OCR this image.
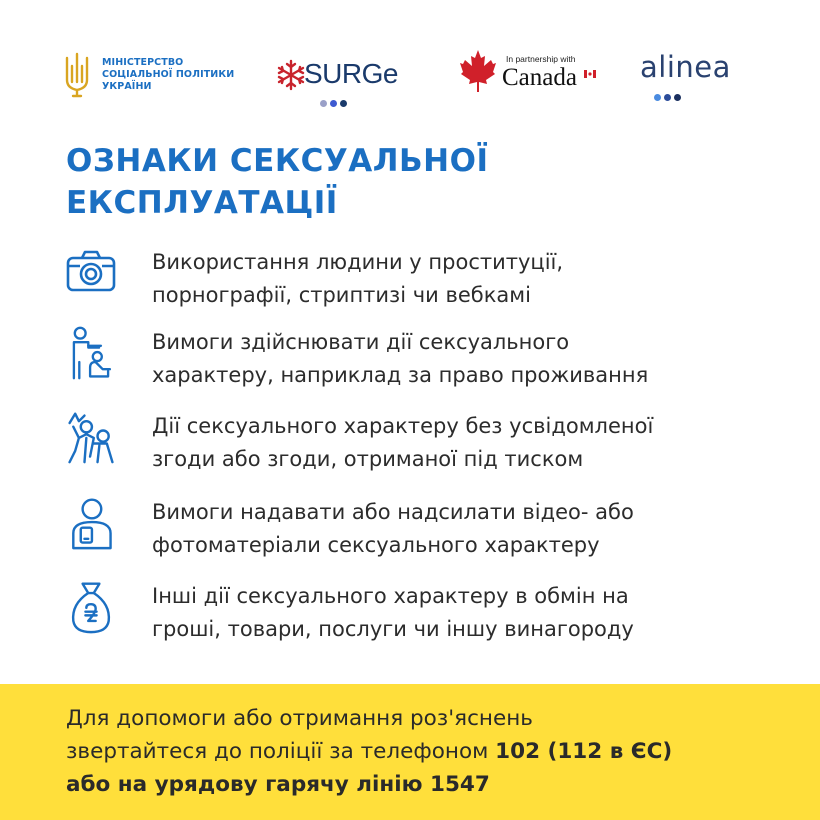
МІНІСТЕРСТВО
СОЦІАЛЬНОЇ ПОЛІТИКИ
УКРАЇНИ	SURGe	In partnership with
Canada alinea
ОЗНАКИ СЕКСУАЛЬНОЇ
ЕКСПЛУАТАЦІЇ
Використання людини у проституції,
порнографії, стриптизі чи вебкамі
Вимоги здійснювати дії сексуального
характеру, наприклад за право проживання
Дії сексуального характеру без усвідомленої
згоди або згоди, отриманої під тиском
Вимоги надавати або надсилати відео- або
фотоматеріали сексуального характеру
Інші дії сексуального характеру в обмін на
гроші, товари, послуги чи іншу винагороду
Для допомоги або отримання роз'яснень
звертайтеся до поліції за телефоном 102 (112 в ЄС)
або на урядову гарячу лінію 1547
